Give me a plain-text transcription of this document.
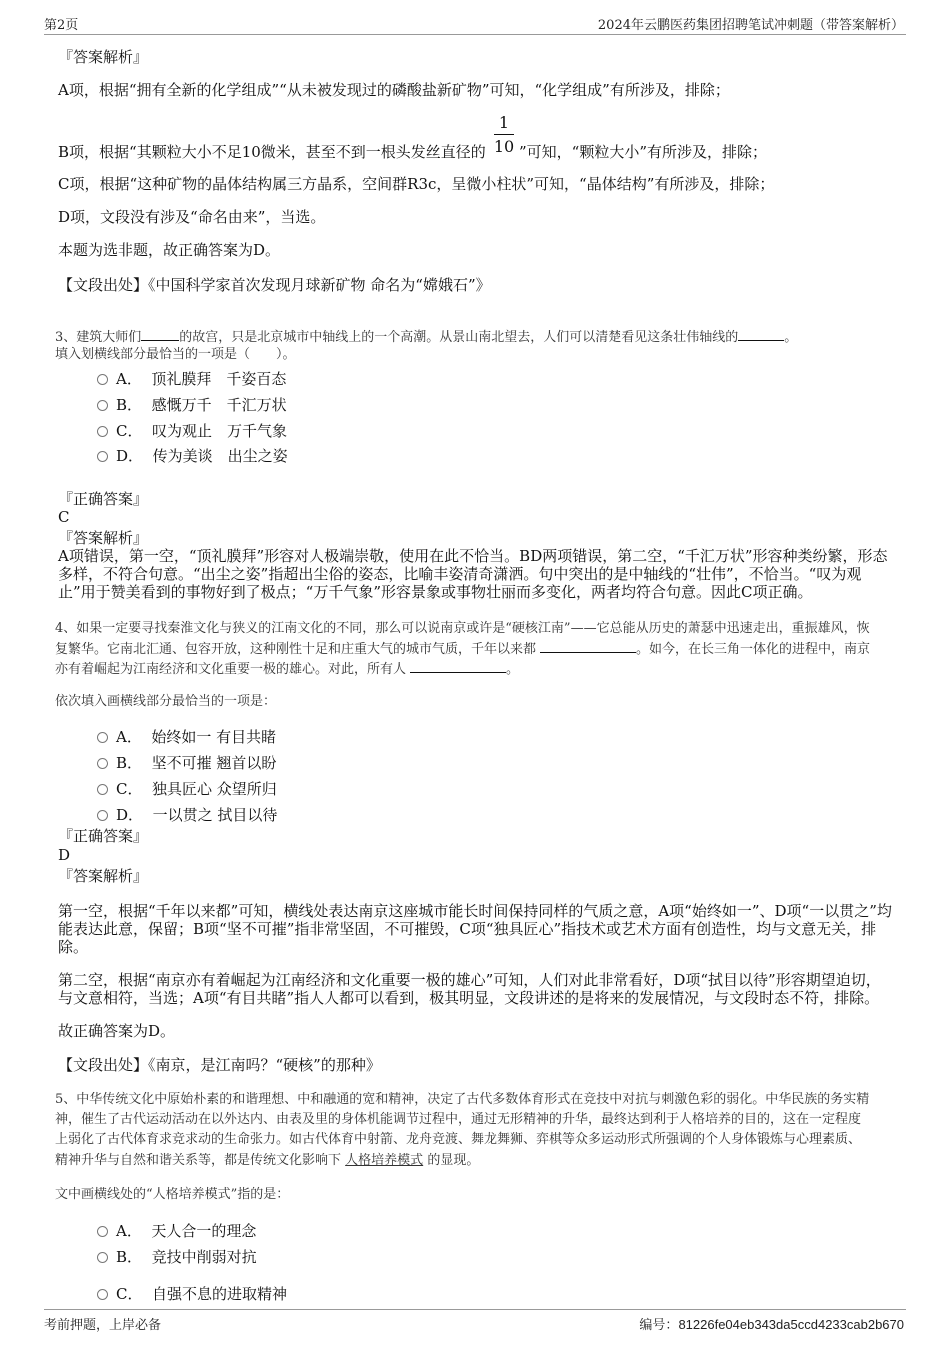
第2页	2024年云鹏医药集团招聘笔试冲刺题（带答案解析）
『答案解析』
A项，根据“拥有全新的化学组成”“从未被发现过的磷酸盐新矿物”可知，“化学组成”有所涉及，排除；
B项，根据“其颗粒大小不足10微米，甚至不到一根头发丝直径的
1
10 ”可知，“颗粒大小”有所涉及，排除；
C项，根据“这种矿物的晶体结构属三方晶系，空间群R3c，呈微小柱状”可知，“晶体结构”有所涉及，排除；
D项，文段没有涉及“命名由来”，当选。
本题为选非题，故正确答案为D。
【文段出处】《中国科学家首次发现月球新矿物 命名为“嫦娥石”》
3、建筑大师们	的故宫，只是北京城市中轴线上的一个高潮。从景山南北望去，人们可以清楚看见这条壮伟轴线的	。
填入划横线部分最恰当的一项是（　　）。
A． 顶礼膜拜　千姿百态
B． 感慨万千　千汇万状
C． 叹为观止　万千气象
D． 传为美谈　出尘之姿
『正确答案』
C
『答案解析』
A项错误，第一空，“顶礼膜拜”形容对人极端崇敬，使用在此不恰当。BD两项错误，第二空，“千汇万状”形容种类纷繁，形态
多样，不符合句意。“出尘之姿”指超出尘俗的姿态，比喻丰姿清奇潇洒。句中突出的是中轴线的“壮伟”，不恰当。“叹为观
止”用于赞美看到的事物好到了极点；“万千气象”形容景象或事物壮丽而多变化，两者均符合句意。因此C项正确。
4、如果一定要寻找秦淮文化与狭义的江南文化的不同，那么可以说南京或许是“硬核江南”——它总能从历史的萧瑟中迅速走出，重振雄风，恢
复繁华。它南北汇通、包容开放，这种刚性十足和庄重大气的城市气质，千年以来都	。如今，在长三角一体化的进程中，南京
亦有着崛起为江南经济和文化重要一极的雄心。对此，所有人	。
依次填入画横线部分最恰当的一项是：
A． 始终如一 有目共睹
B． 坚不可摧 翘首以盼
C． 独具匠心 众望所归
D． 一以贯之 拭目以待
『正确答案』
D
『答案解析』
第一空，根据“千年以来都”可知，横线处表达南京这座城市能长时间保持同样的气质之意，A项“始终如一”、D项“一以贯之”均
能表达此意，保留；B项“坚不可摧”指非常坚固，不可摧毁，C项“独具匠心”指技术或艺术方面有创造性，均与文意无关，排
除。
第二空，根据“南京亦有着崛起为江南经济和文化重要一极的雄心”可知，人们对此非常看好，D项“拭目以待”形容期望迫切，
与文意相符，当选；A项“有目共睹”指人人都可以看到，极其明显，文段讲述的是将来的发展情况，与文段时态不符，排除。
故正确答案为D。
【文段出处】《南京，是江南吗？“硬核”的那种》
5、中华传统文化中原始朴素的和谐理想、中和融通的宽和精神，决定了古代多数体育形式在竞技中对抗与刺激色彩的弱化。中华民族的务实精
神，催生了古代运动活动在以外达内、由表及里的身体机能调节过程中，通过无形精神的升华，最终达到利于人格培养的目的，这在一定程度
上弱化了古代体育求竞求动的生命张力。如古代体育中射箭、龙舟竞渡、舞龙舞狮、弈棋等众多运动形式所强调的个人身体锻炼与心理素质、
精神升华与自然和谐关系等，都是传统文化影响下 人格培养模式 的显现。
文中画横线处的“人格培养模式”指的是：
A． 天人合一的理念
B． 竞技中削弱对抗
C． 自强不息的进取精神
考前押题，上岸必备	编号：81226fe04eb343da5ccd4233cab2b670
